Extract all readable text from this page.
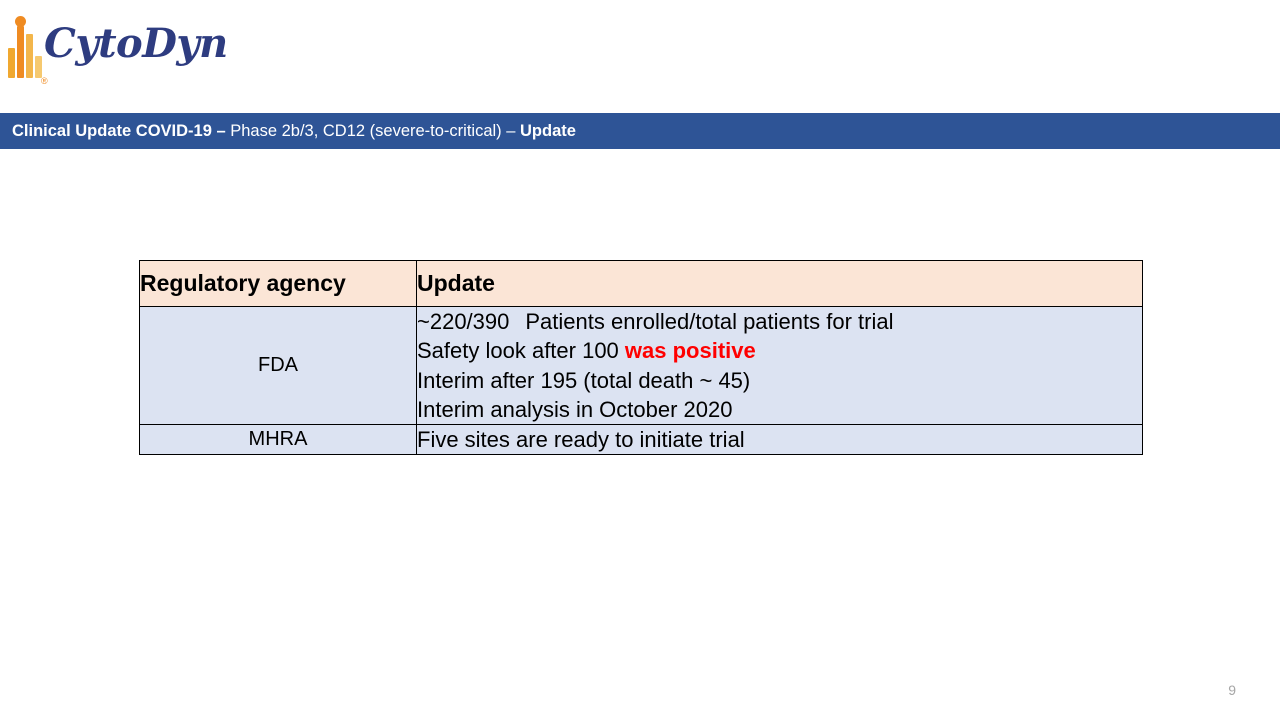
CytoDyn
®
Clinical Update COVID-19 – Phase 2b/3, CD12 (severe-to-critical) – Update
Regulatory agency	Update
FDA	~220/390 Patients enrolled/total patients for trial
Safety look after 100 was positive
Interim after 195 (total death ~ 45)
Interim analysis in October 2020

MHRA	Five sites are ready to initiate trial
9
